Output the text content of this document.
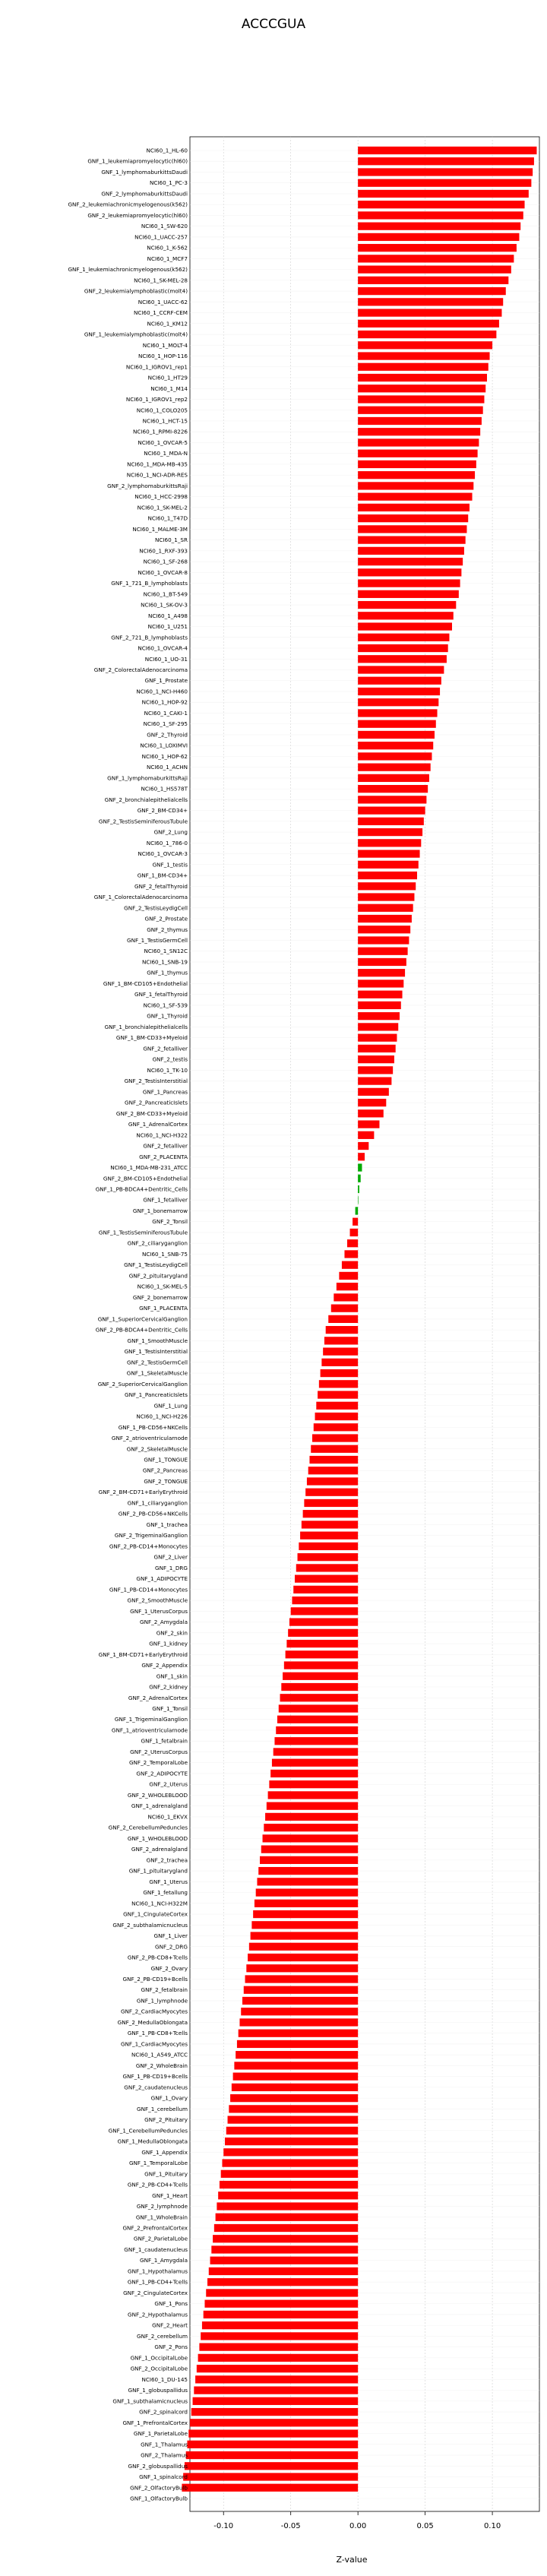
ACCCGUA
NCI60_1_HL-60
GNF_1_leukemiapromyelocytic(hl60)
GNF_1_lymphomaburkittsDaudi
NCI60_1_PC-3
GNF_2_lymphomaburkittsDaudi
GNF_2_leukemiachronicmyelogenous(k562)
GNF_2_leukemiapromyelocytic(hl60)
NCI60_1_SW-620
NCI60_1_UACC-257
NCI60_1_K-562
NCI60_1_MCF7
GNF_1_leukemiachronicmyelogenous(k562)
NCI60_1_SK-MEL-28
GNF_2_leukemialymphoblastic(molt4)
NCI60_1_UACC-62
NCI60_1_CCRF-CEM
NCI60_1_KM12
GNF_1_leukemialymphoblastic(molt4)
NCI60_1_MOLT-4
NCI60_1_HOP-116
NCI60_1_IGROV1_rep1
NCI60_1_HT29
NCI60_1_M14
NCI60_1_IGROV1_rep2
NCI60_1_COLO205
NCI60_1_HCT-15
NCI60_1_RPMI-8226
NCI60_1_OVCAR-5
NCI60_1_MDA-N
NCI60_1_MDA-MB-435
NCI60_1_NCI-ADR-RES
GNF_2_lymphomaburkittsRaji
NCI60_1_HCC-2998
NCI60_1_SK-MEL-2
NCI60_1_T47D
NCI60_1_MALME-3M
NCI60_1_SR
NCI60_1_RXF-393
NCI60_1_SF-268
NCI60_1_OVCAR-8
GNF_1_721_B_lymphoblasts
NCI60_1_BT-549
NCI60_1_SK-OV-3
NCI60_1_A498
NCI60_1_U251
GNF_2_721_B_lymphoblasts
NCI60_1_OVCAR-4
NCI60_1_UO-31
GNF_2_ColorectalAdenocarcinoma
GNF_1_Prostate
NCI60_1_NCI-H460
NCI60_1_HOP-92
NCI60_1_CAKI-1
NCI60_1_SF-295
GNF_2_Thyroid
NCI60_1_LOXIMVI
NCI60_1_HOP-62
NCI60_1_ACHN
GNF_1_lymphomaburkittsRaji
NCI60_1_HS578T
GNF_2_bronchialepithelialcells
GNF_2_BM-CD34+
GNF_2_TestisSeminiferousTubule
GNF_2_Lung
NCI60_1_786-0
NCI60_1_OVCAR-3
GNF_1_testis
GNF_1_BM-CD34+
GNF_2_fetalThyroid
GNF_1_ColorectalAdenocarcinoma
GNF_2_TestisLeydigCell
GNF_2_Prostate
GNF_2_thymus
GNF_1_TestisGermCell
NCI60_1_SN12C
NCI60_1_SNB-19
GNF_1_thymus
GNF_1_BM-CD105+Endothelial
GNF_1_fetalThyroid
NCI60_1_SF-539
GNF_1_Thyroid
GNF_1_bronchialepithelialcells
GNF_1_BM-CD33+Myeloid
GNF_2_fetalliver
GNF_2_testis
NCI60_1_TK-10
GNF_2_TestisInterstitial
GNF_1_Pancreas
GNF_2_PancreaticIslets
GNF_2_BM-CD33+Myeloid
GNF_1_AdrenalCortex
NCI60_1_NCI-H322
GNF_2_fetalliver
GNF_2_PLACENTA
NCI60_1_MDA-MB-231_ATCC
GNF_2_BM-CD105+Endothelial
GNF_1_PB-BDCA4+Dentritic_Cells
GNF_1_fetalliver
GNF_1_bonemarrow
GNF_2_Tonsil
GNF_1_TestisSeminiferousTubule
GNF_2_ciliaryganglion
NCI60_1_SNB-75
GNF_1_TestisLeydigCell
GNF_2_pituitarygland
NCI60_1_SK-MEL-5
GNF_2_bonemarrow
GNF_1_PLACENTA
GNF_1_SuperiorCervicalGanglion
GNF_2_PB-BDCA4+Dentritic_Cells
GNF_1_SmoothMuscle
GNF_1_TestisInterstitial
GNF_2_TestisGermCell
GNF_1_SkeletalMuscle
GNF_2_SuperiorCervicalGanglion
GNF_1_PancreaticIslets
GNF_1_Lung
NCI60_1_NCI-H226
GNF_1_PB-CD56+NKCells
GNF_2_atrioventricularnode
GNF_2_SkeletalMuscle
GNF_1_TONGUE
GNF_2_Pancreas
GNF_2_TONGUE
GNF_2_BM-CD71+EarlyErythroid
GNF_1_ciliaryganglion
GNF_2_PB-CD56+NKCells
GNF_1_trachea
GNF_2_TrigeminalGanglion
GNF_2_PB-CD14+Monocytes
GNF_2_Liver
GNF_1_DRG
GNF_1_ADIPOCYTE
GNF_1_PB-CD14+Monocytes
GNF_2_SmoothMuscle
GNF_1_UterusCorpus
GNF_2_Amygdala
GNF_2_skin
GNF_1_kidney
GNF_1_BM-CD71+EarlyErythroid
GNF_2_Appendix
GNF_1_skin
GNF_2_kidney
GNF_2_AdrenalCortex
GNF_1_Tonsil
GNF_1_TrigeminalGanglion
GNF_1_atrioventricularnode
GNF_1_fetalbrain
GNF_2_UterusCorpus
GNF_2_TemporalLobe
GNF_2_ADIPOCYTE
GNF_2_Uterus
GNF_2_WHOLEBLOOD
GNF_1_adrenalgland
NCI60_1_EKVX
GNF_2_CerebellumPeduncles
GNF_1_WHOLEBLOOD
GNF_2_adrenalgland
GNF_2_trachea
GNF_1_pituitarygland
GNF_1_Uterus
GNF_1_fetallung
NCI60_1_NCI-H322M
GNF_1_CingulateCortex
GNF_2_subthalamicnucleus
GNF_1_Liver
GNF_2_DRG
GNF_2_PB-CD8+Tcells
GNF_2_Ovary
GNF_2_PB-CD19+Bcells
GNF_2_fetalbrain
GNF_1_lymphnode
GNF_2_CardiacMyocytes
GNF_2_MedullaOblongata
GNF_1_PB-CD8+Tcells
GNF_1_CardiacMyocytes
NCI60_1_A549_ATCC
GNF_2_WholeBrain
GNF_1_PB-CD19+Bcells
GNF_2_caudatenucleus
GNF_1_Ovary
GNF_1_cerebellum
GNF_2_Pituitary
GNF_1_CerebellumPeduncles
GNF_1_MedullaOblongata
GNF_1_Appendix
GNF_1_TemporalLobe
GNF_1_Pituitary
GNF_2_PB-CD4+Tcells
GNF_1_Heart
GNF_2_lymphnode
GNF_1_WholeBrain
GNF_2_PrefrontalCortex
GNF_2_ParietalLobe
GNF_1_caudatenucleus
GNF_1_Amygdala
GNF_1_Hypothalamus
GNF_1_PB-CD4+Tcells
GNF_2_CingulateCortex
GNF_1_Pons
GNF_2_Hypothalamus
GNF_2_Heart
GNF_2_cerebellum
GNF_2_Pons
GNF_1_OccipitalLobe
GNF_2_OccipitalLobe
NCI60_1_DU-145
GNF_1_globuspallidus
GNF_1_subthalamicnucleus
GNF_2_spinalcord
GNF_1_PrefrontalCortex
GNF_1_ParietalLobe
GNF_1_Thalamus
GNF_2_Thalamus
GNF_2_globuspallidus
GNF_1_spinalcord
GNF_2_OlfactoryBulb
GNF_1_OlfactoryBulb
-0.10	-0.05	0.00	0.05	0.10
Z-value
